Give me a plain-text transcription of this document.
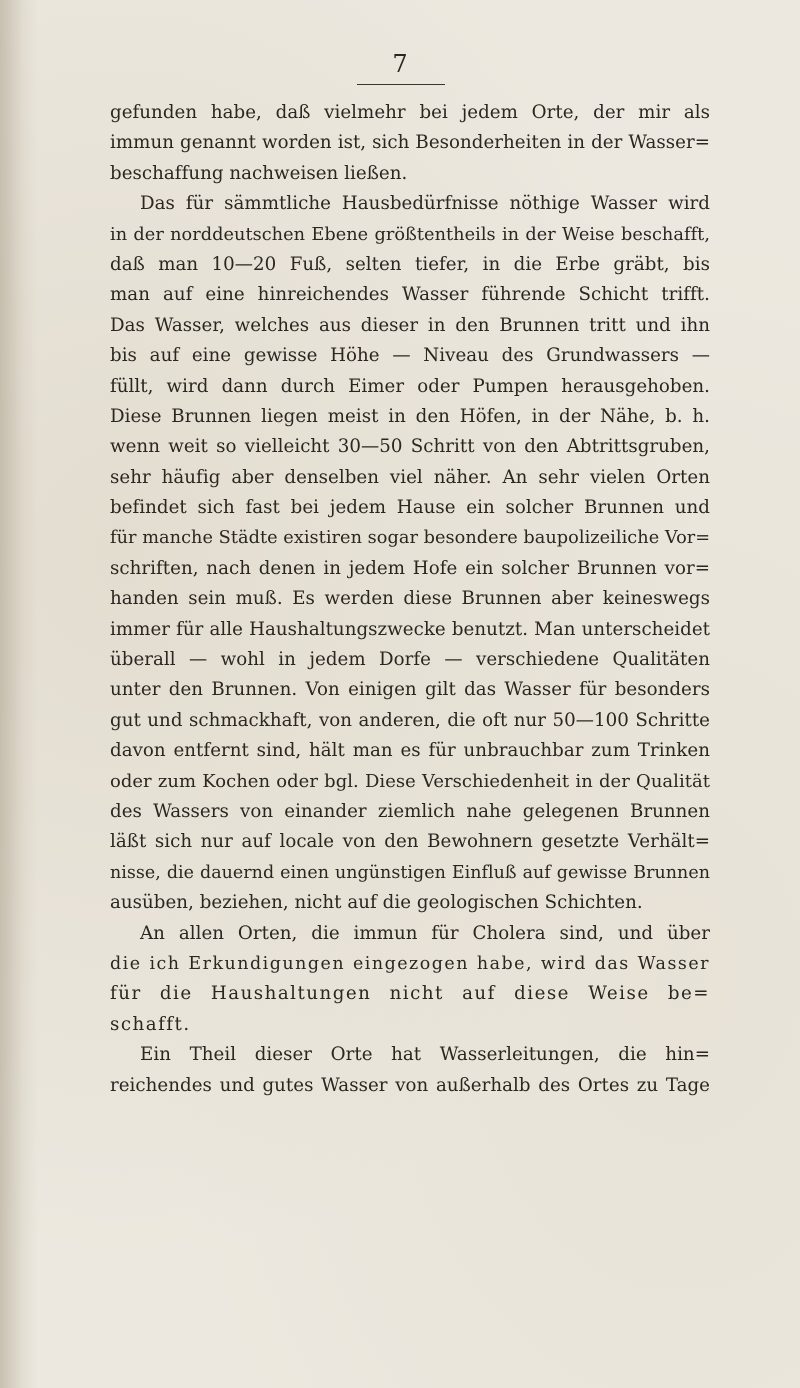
7
gefunden habe, daß vielmehr bei jedem Orte, der mir als
immun genannt worden ist, sich Besonderheiten in der Wasser=
beschaffung nachweisen ließen.
Das für sämmtliche Hausbedürfnisse nöthige Wasser wird
in der norddeutschen Ebene größtentheils in der Weise beschafft,
daß man 10—20 Fuß, selten tiefer, in die Erbe gräbt, bis
man auf eine hinreichendes Wasser führende Schicht trifft.
Das Wasser, welches aus dieser in den Brunnen tritt und ihn
bis auf eine gewisse Höhe — Niveau des Grundwassers —
füllt, wird dann durch Eimer oder Pumpen herausgehoben.
Diese Brunnen liegen meist in den Höfen, in der Nähe, b. h.
wenn weit so vielleicht 30—50 Schritt von den Abtrittsgruben,
sehr häufig aber denselben viel näher. An sehr vielen Orten
befindet sich fast bei jedem Hause ein solcher Brunnen und
für manche Städte existiren sogar besondere baupolizeiliche Vor=
schriften, nach denen in jedem Hofe ein solcher Brunnen vor=
handen sein muß. Es werden diese Brunnen aber keineswegs
immer für alle Haushaltungszwecke benutzt. Man unterscheidet
überall — wohl in jedem Dorfe — verschiedene Qualitäten
unter den Brunnen. Von einigen gilt das Wasser für besonders
gut und schmackhaft, von anderen, die oft nur 50—100 Schritte
davon entfernt sind, hält man es für unbrauchbar zum Trinken
oder zum Kochen oder bgl. Diese Verschiedenheit in der Qualität
des Wassers von einander ziemlich nahe gelegenen Brunnen
läßt sich nur auf locale von den Bewohnern gesetzte Verhält=
nisse, die dauernd einen ungünstigen Einfluß auf gewisse Brunnen
ausüben, beziehen, nicht auf die geologischen Schichten.
An allen Orten, die immun für Cholera sind, und über
die ich Erkundigungen eingezogen habe, wird das Wasser
für die Haushaltungen nicht auf diese Weise be=
schafft.
Ein Theil dieser Orte hat Wasserleitungen, die hin=
reichendes und gutes Wasser von außerhalb des Ortes zu Tage
